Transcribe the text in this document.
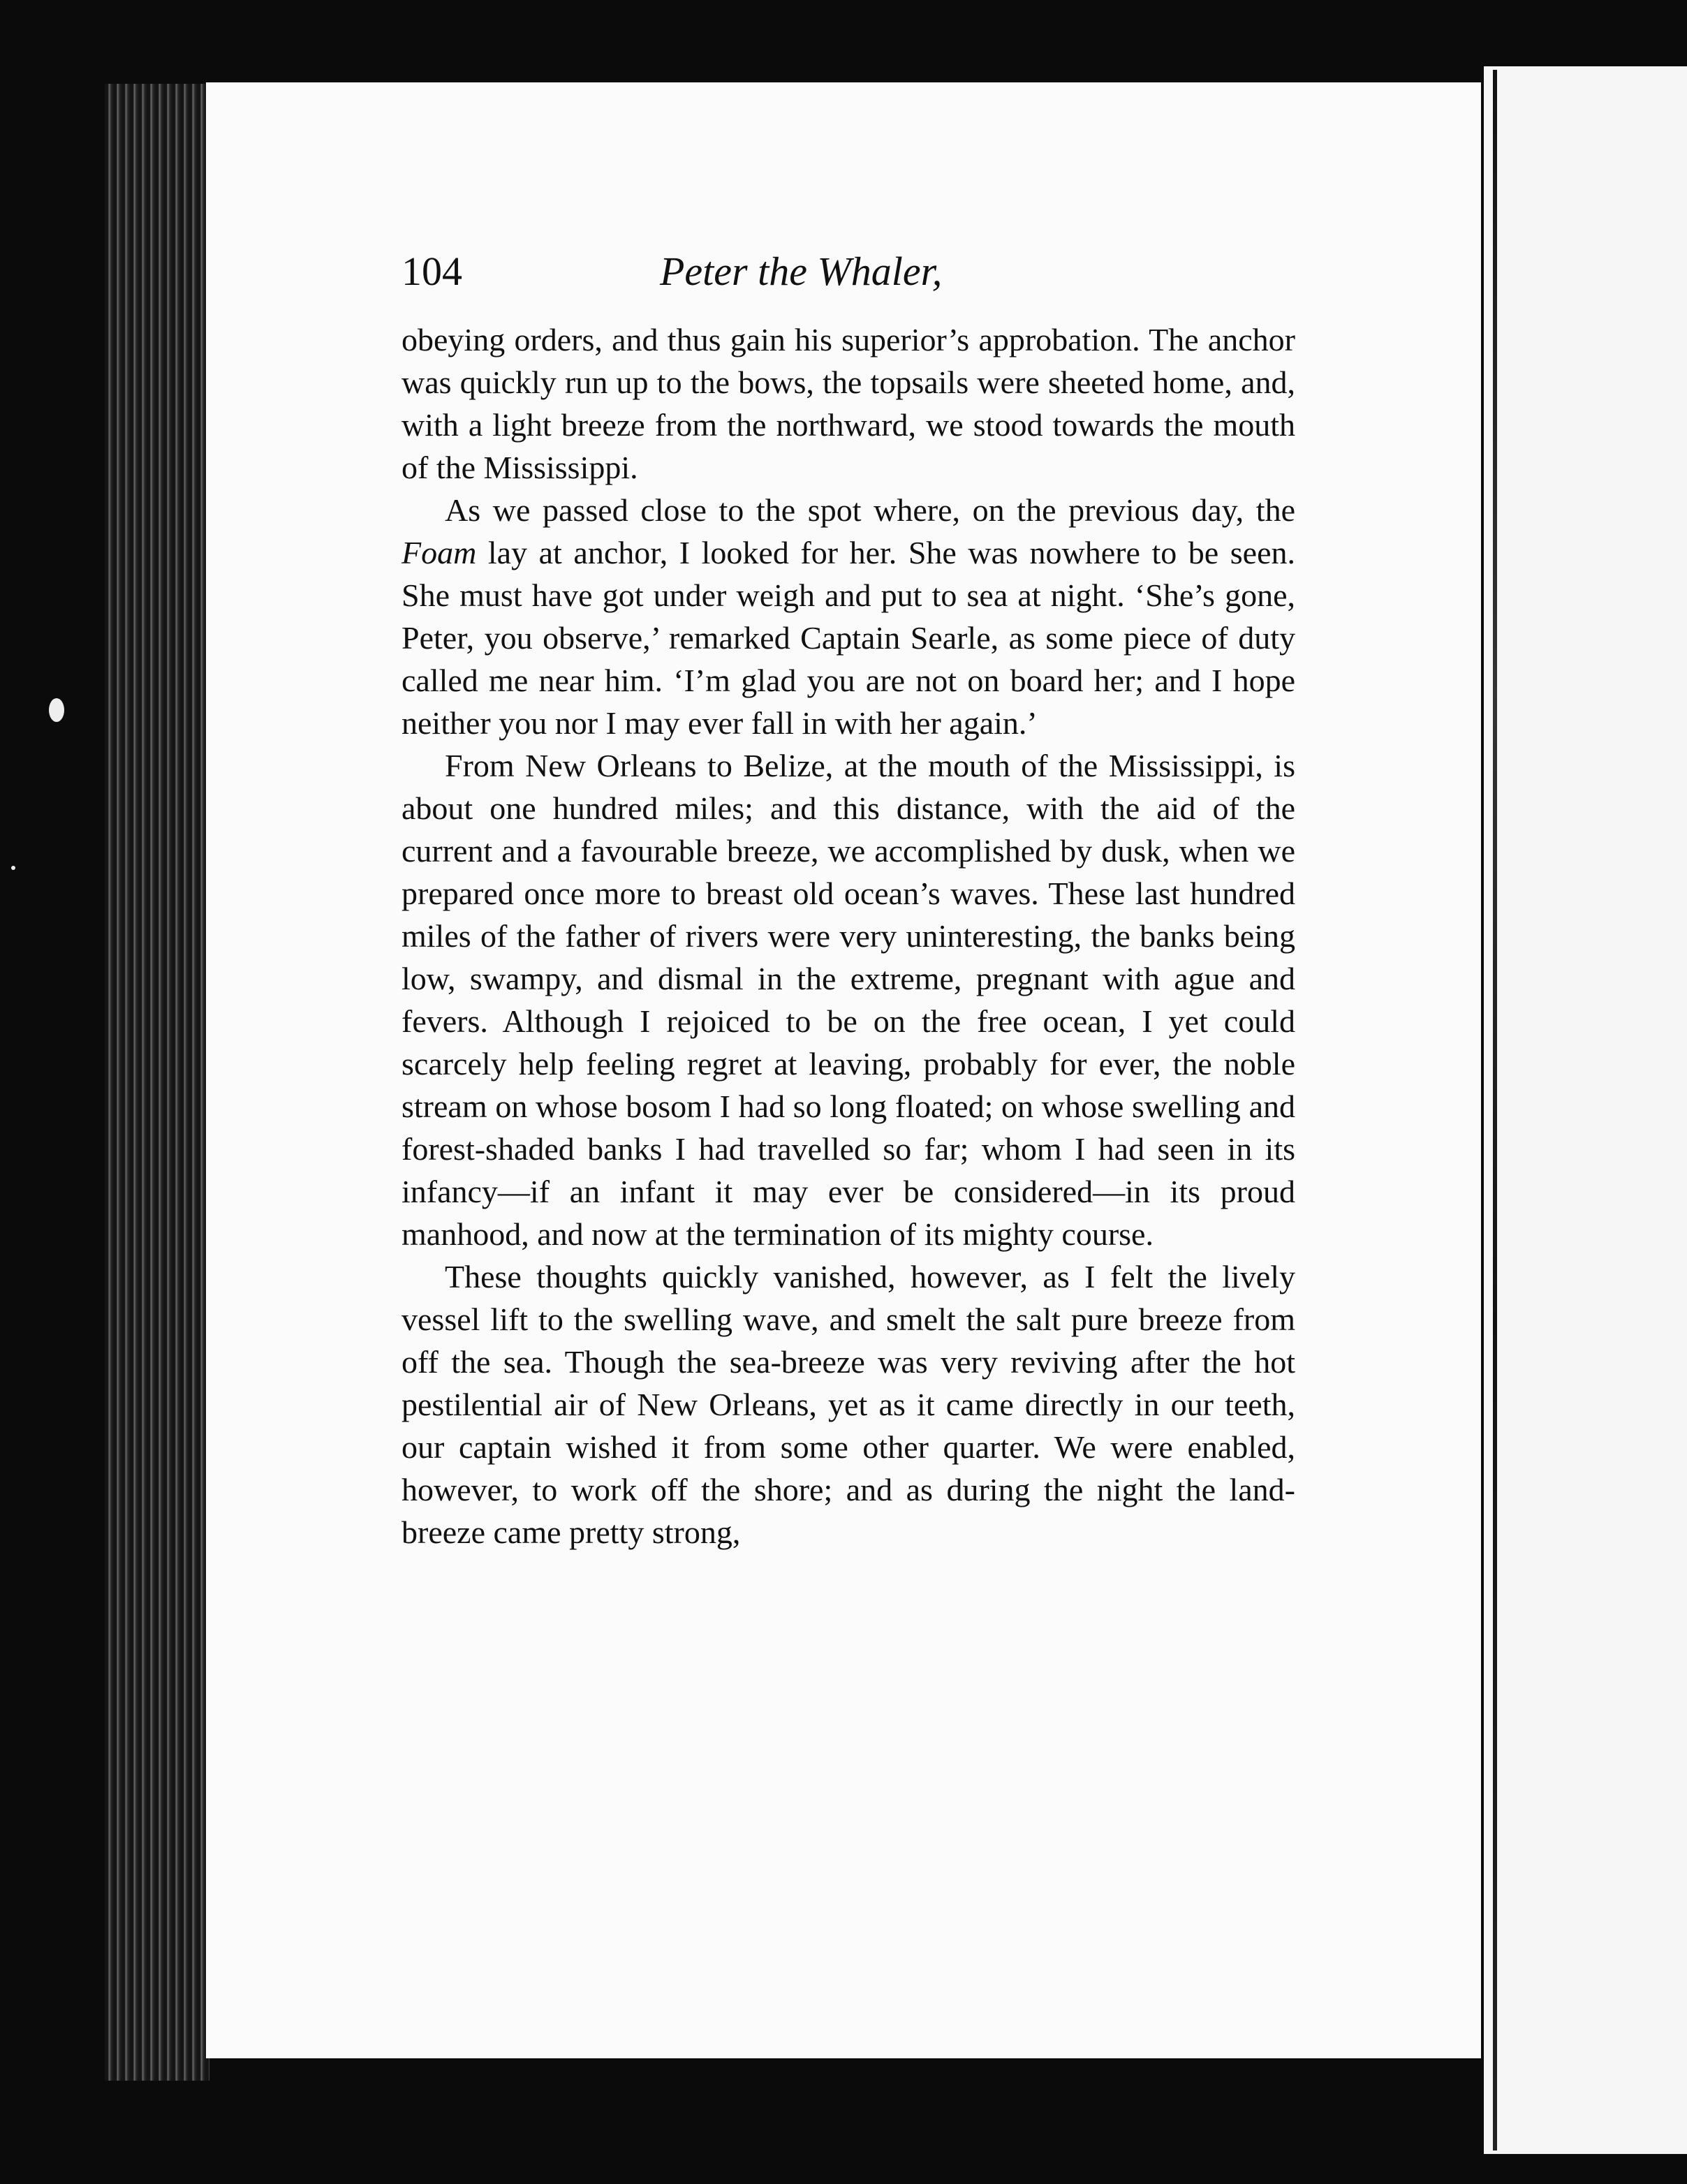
104	Peter the Whaler,

obeying orders, and thus gain his superior’s approbation. The anchor was quickly run up to the bows, the topsails were sheeted home, and, with a light breeze from the northward, we stood towards the mouth of the Mississippi.

As we passed close to the spot where, on the previous day, the Foam lay at anchor, I looked for her. She was nowhere to be seen. She must have got under weigh and put to sea at night. ‘She’s gone, Peter, you observe,’ remarked Captain Searle, as some piece of duty called me near him. ‘I’m glad you are not on board her; and I hope neither you nor I may ever fall in with her again.’

From New Orleans to Belize, at the mouth of the Mississippi, is about one hundred miles; and this distance, with the aid of the current and a favourable breeze, we accomplished by dusk, when we prepared once more to breast old ocean’s waves. These last hundred miles of the father of rivers were very uninteresting, the banks being low, swampy, and dismal in the extreme, pregnant with ague and fevers. Although I rejoiced to be on the free ocean, I yet could scarcely help feeling regret at leaving, probably for ever, the noble stream on whose bosom I had so long floated; on whose swelling and forest-shaded banks I had travelled so far; whom I had seen in its infancy—if an infant it may ever be considered—in its proud manhood, and now at the termination of its mighty course.

These thoughts quickly vanished, however, as I felt the lively vessel lift to the swelling wave, and smelt the salt pure breeze from off the sea. Though the sea-breeze was very reviving after the hot pestilential air of New Orleans, yet as it came directly in our teeth, our captain wished it from some other quarter. We were enabled, however, to work off the shore; and as during the night the land-breeze came pretty strong,
